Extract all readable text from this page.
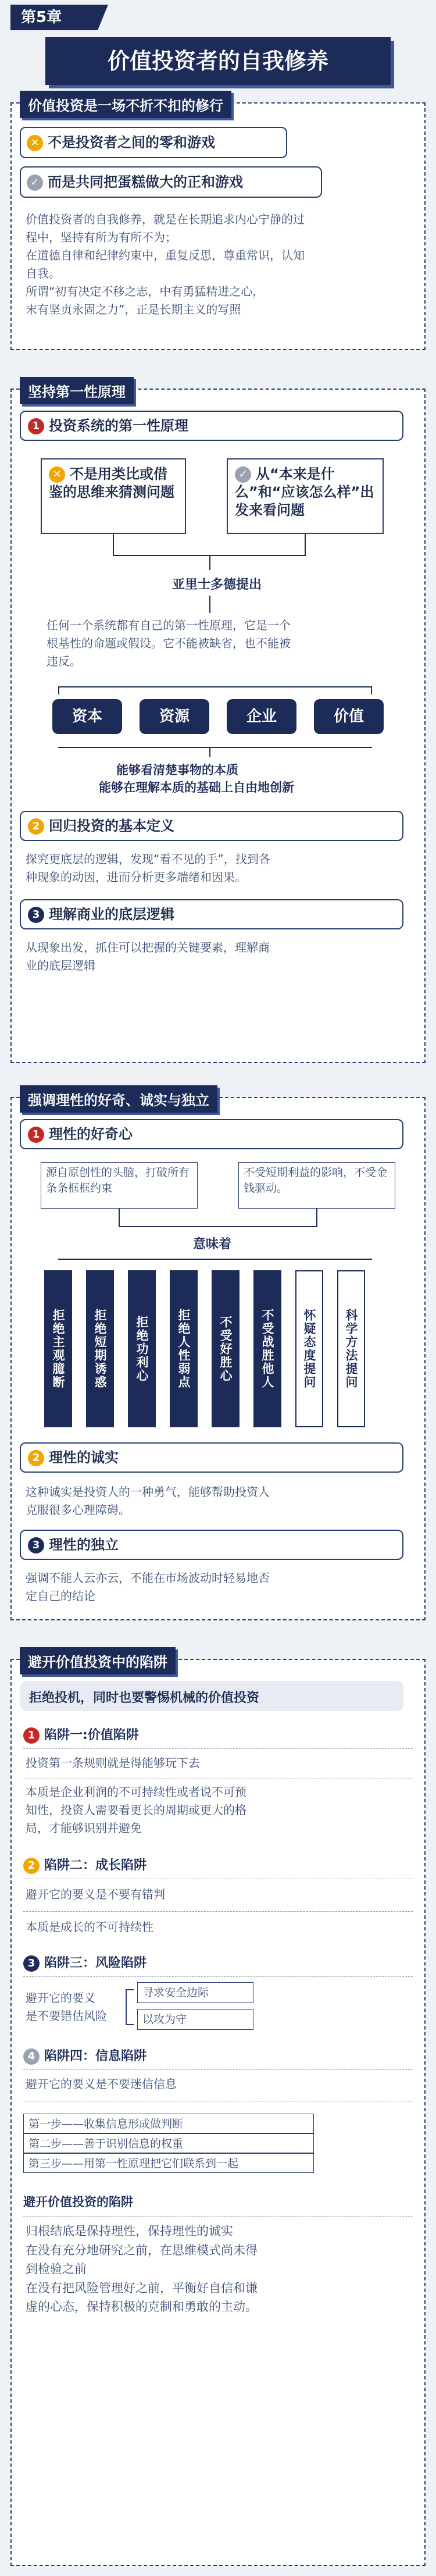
第5章
价值投资者的自我修养
价值投资是一场不折不扣的修行
✕ 不是投资者之间的零和游戏
✓ 而是共同把蛋糕做大的正和游戏
价值投资者的自我修养，就是在长期追求内心宁静的过
程中，坚持有所为有所不为；
在道德自律和纪律约束中，重复反思，尊重常识，认知
自我。
所谓“初有决定不移之志，中有勇猛精进之心，
末有坚贞永固之力”，正是长期主义的写照
坚持第一性原理
1 投资系统的第一性原理
✕ 不是用类比或借鉴的思维来猜测问题
✓ 从“本来是什么”和“应该怎么样”出发来看问题
亚里士多德提出
任何一个系统都有自己的第一性原理，它是一个
根基性的命题或假设。它不能被缺省，也不能被
违反。
资本	资源	企业	价值
能够看清楚事物的本质
能够在理解本质的基础上自由地创新
2 回归投资的基本定义
探究更底层的逻辑，发现“看不见的手”，找到各
种现象的动因，进而分析更多端绪和因果。
3 理解商业的底层逻辑
从现象出发，抓住可以把握的关键要素，理解商
业的底层逻辑
强调理性的好奇、诚实与独立
1 理性的好奇心
源自原创性的头脑，打破所有条条框框约束
不受短期利益的影响，不受金钱驱动。
意味着
拒绝主观臆断	拒绝短期诱惑	拒绝功利心	拒绝人性弱点	不受好胜心	不受战胜他人	怀疑态度提问	科学方法提问
2 理性的诚实
这种诚实是投资人的一种勇气，能够帮助投资人
克服很多心理障碍。
3 理性的独立
强调不能人云亦云，不能在市场波动时轻易地否
定自己的结论
避开价值投资中的陷阱
拒绝投机，同时也要警惕机械的价值投资
1 陷阱一:价值陷阱
投资第一条规则就是得能够玩下去
本质是企业利润的不可持续性或者说不可预
知性，投资人需要看更长的周期或更大的格
局，才能够识别并避免
2 陷阱二：成长陷阱
避开它的要义是不要有错判
本质是成长的不可持续性
3 陷阱三：风险陷阱
避开它的要义
是不要错估风险
寻求安全边际
以攻为守
4 陷阱四：信息陷阱
避开它的要义是不要迷信信息
第一步——收集信息形成做判断
第二步——善于识别信息的权重
第三步——用第一性原理把它们联系到一起
避开价值投资的陷阱
归根结底是保持理性，保持理性的诚实
在没有充分地研究之前，在思维模式尚未得
到检验之前
在没有把风险管理好之前，平衡好自信和谦
虚的心态，保持积极的克制和勇敢的主动。
